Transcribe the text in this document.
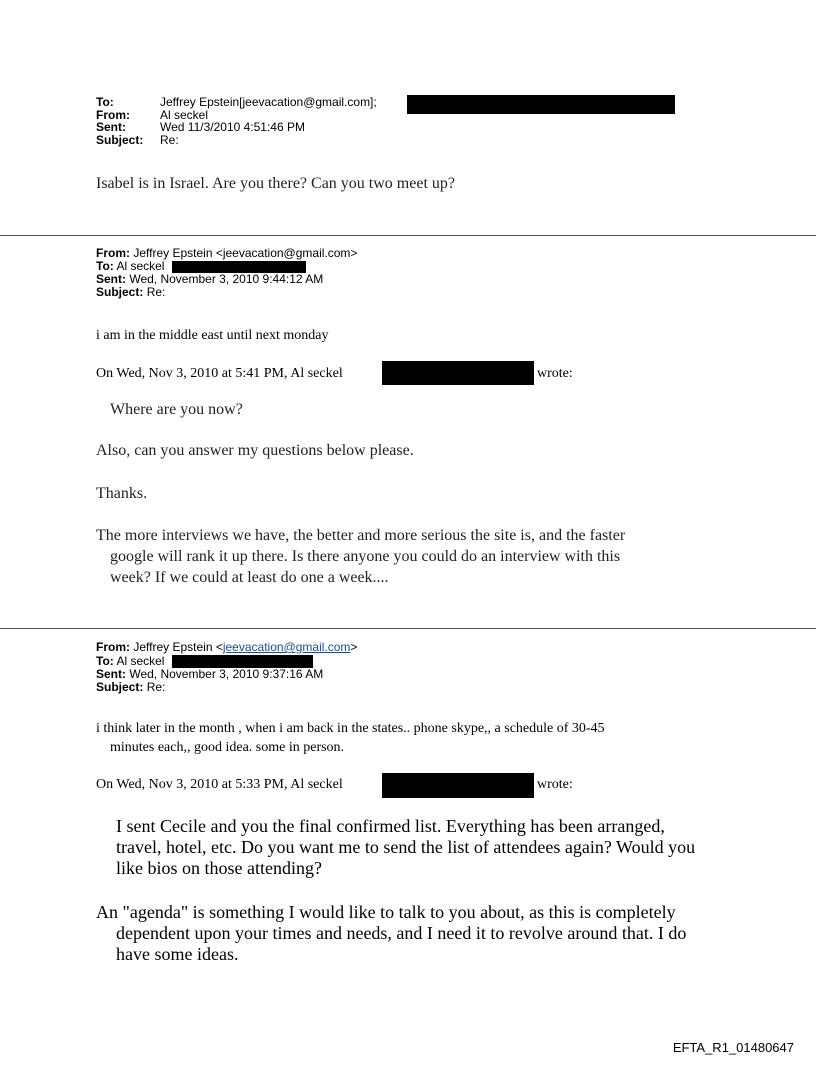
To:	Jeffrey Epstein[jeevacation@gmail.com];
From:	Al seckel
Sent:	Wed 11/3/2010 4:51:46 PM
Subject: Re:
Isabel is in Israel. Are you there? Can you two meet up?
From: Jeffrey Epstein <jeevacation@gmail.com>
To: Al seckel
Sent: Wed, November 3, 2010 9:44:12 AM
Subject: Re:
i am in the middle east until next monday
On Wed, Nov 3, 2010 at 5:41 PM, Al seckel	wrote:
Where are you now?
Also, can you answer my questions below please.
Thanks.
The more interviews we have, the better and more serious the site is, and the faster
google will rank it up there. Is there anyone you could do an interview with this
week? If we could at least do one a week....
From: Jeffrey Epstein <jeevacation@gmail.com>
To: Al seckel
Sent: Wed, November 3, 2010 9:37:16 AM
Subject: Re:
i think later in the month , when i am back in the states.. phone skype,, a schedule of 30-45
minutes each,, good idea. some in person.
On Wed, Nov 3, 2010 at 5:33 PM, Al seckel	wrote:
I sent Cecile and you the final confirmed list. Everything has been arranged,
travel, hotel, etc. Do you want me to send the list of attendees again? Would you
like bios on those attending?
An "agenda" is something I would like to talk to you about, as this is completely
dependent upon your times and needs, and I need it to revolve around that. I do
have some ideas.
EFTA_R1_01480647
